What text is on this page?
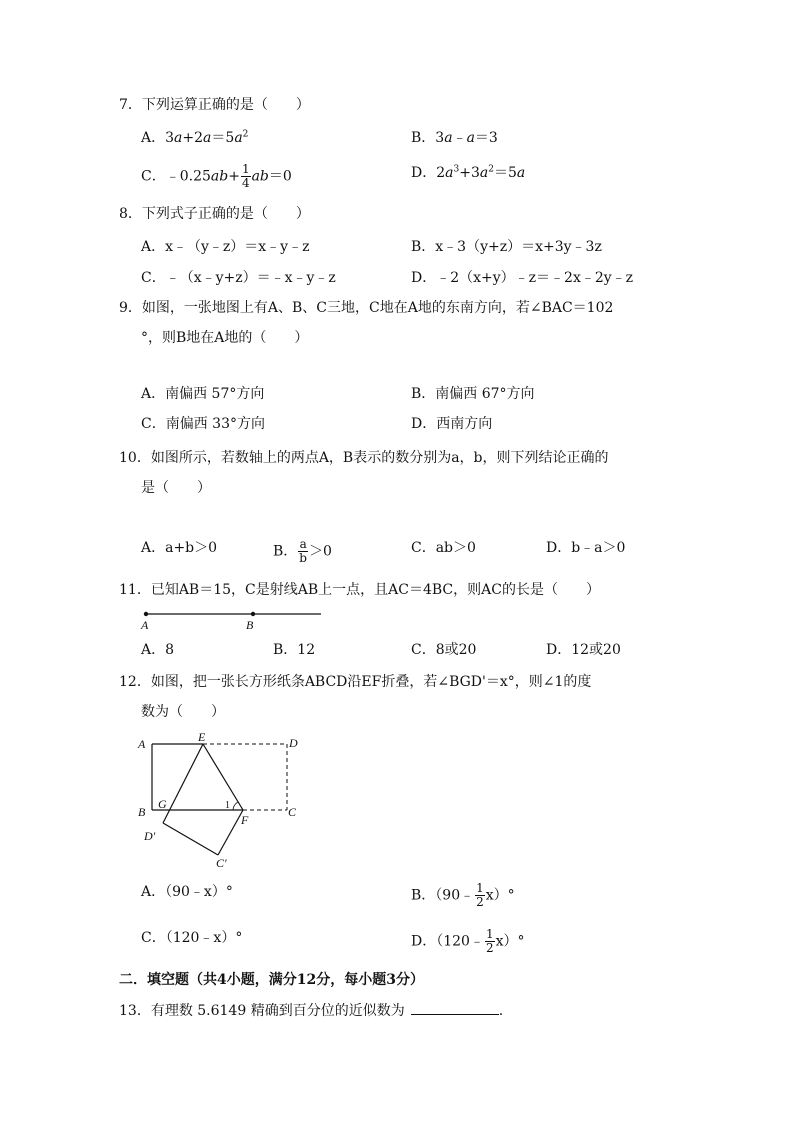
7．下列运算正确的是（　　）
A．$3a+2a=5a^2$	B．3a﹣a＝3
C．﹣0.25ab+ $\frac{1}{4} ab=0$	D．$2a^3+3a^2=5a$
8．下列式子正确的是（　　）
A．x﹣（y﹣z）＝x﹣y﹣z	B．x﹣3（y+z）＝x+3y﹣3z
C．﹣（x﹣y+z）＝﹣x﹣y﹣z	D．﹣2（x+y）﹣z＝﹣2x﹣2y﹣z
9．如图，一张地图上有A、B、C三地，C地在A地的东南方向，若∠BAC＝102
°，则B地在A地的（　　）
A．南偏西 57°方向	B．南偏西 67°方向
C．南偏西 33°方向	D．西南方向
10．如图所示，若数轴上的两点A，B表示的数分别为a，b，则下列结论正确的
是（　　）
A．a+b＞0	B． $\frac{a}{b} >0$	C．ab＞0	D．b﹣a＞0
11．已知AB＝15，C是射线AB上一点，且AC＝4BC，则AC的长是（　　）
A	B
A．8	B．12	C．8或20	D．12或20
12．如图，把一张长方形纸条ABCD沿EF折叠，若∠BGD'＝x°，则∠1的度
数为（　　）
A	E	D
B
G	1
F
C
D′
C′
A．（90﹣x）°	B．（90﹣ $\frac{1}{2} x)^\circ$
C．（120﹣x）°	D．（120﹣ $\frac{1}{2} x)^\circ$
二．填空题（共4小题，满分12分，每小题3分）
13．有理数 5.6149 精确到百分位的近似数为	.
